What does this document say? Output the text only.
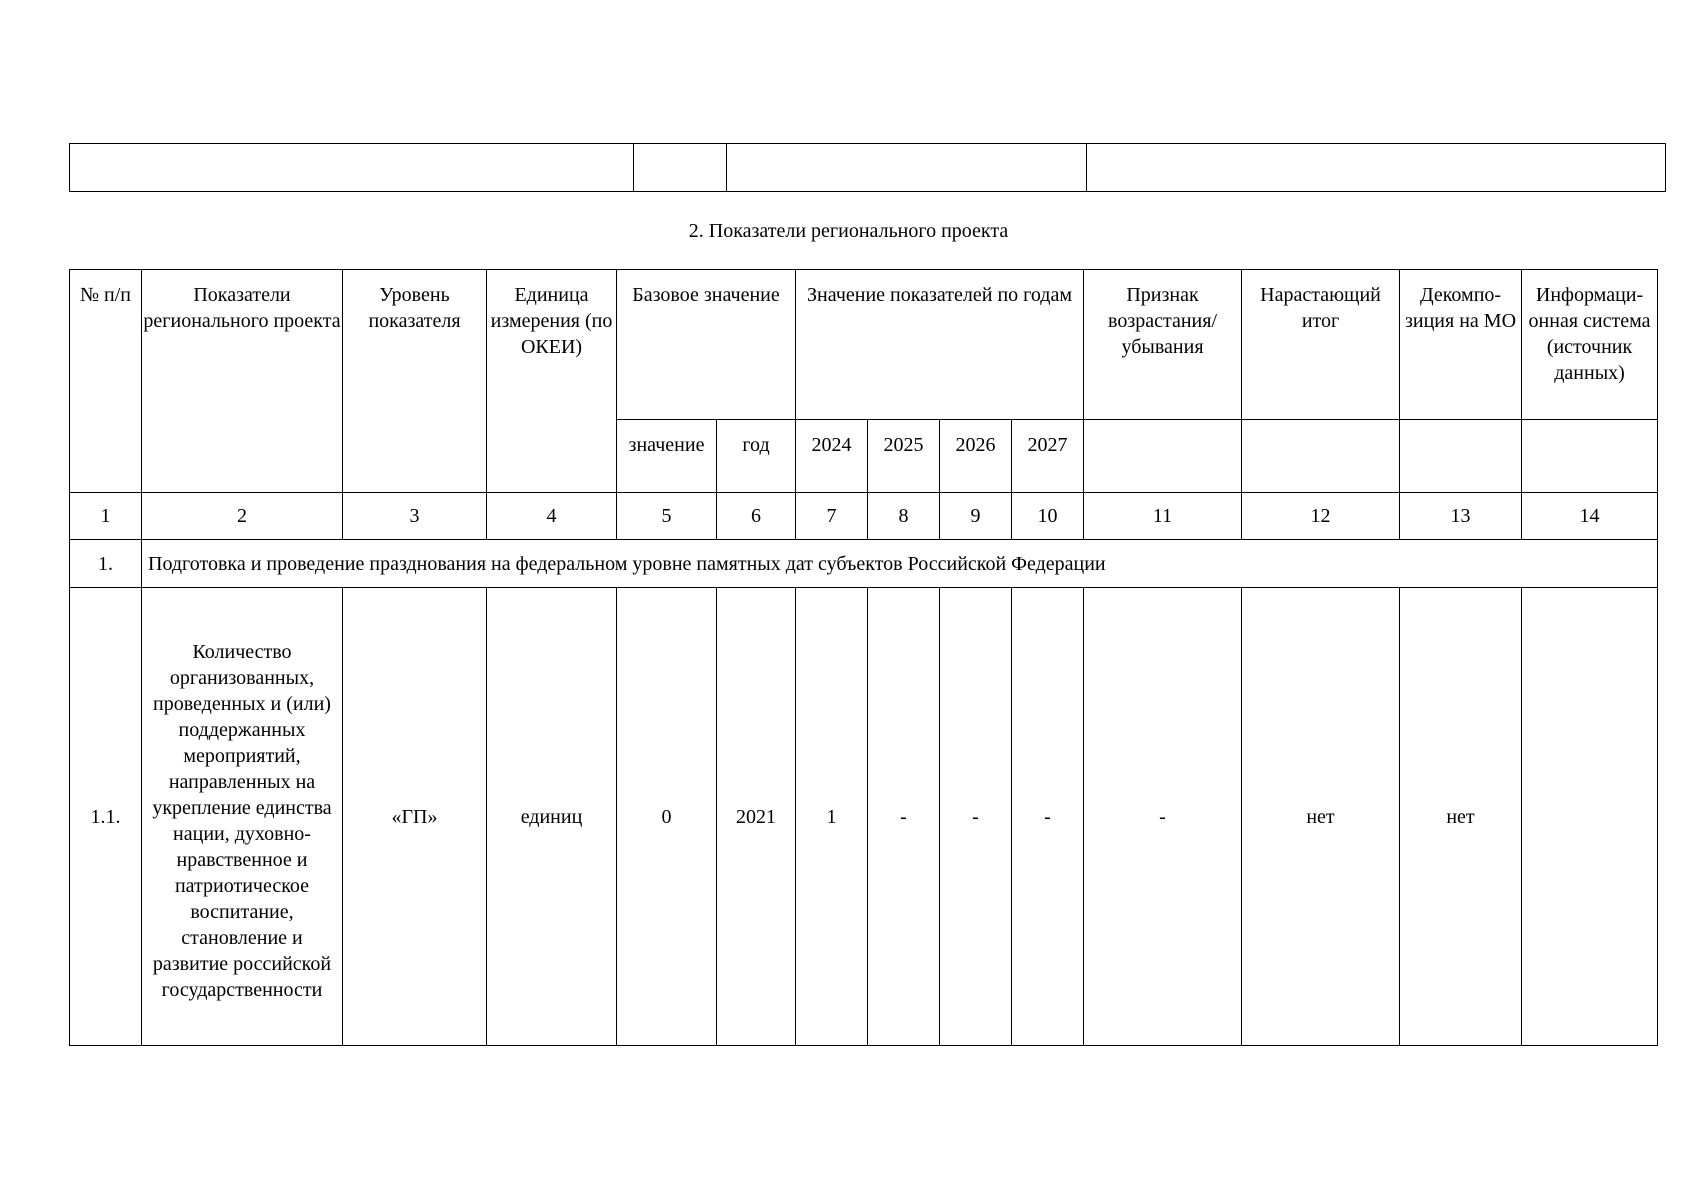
2. Показатели регионального проекта
№ п/п	Показатели регионального проекта	Уровень показателя	Единица измерения (по ОКЕИ)	Базовое значение		Значение показателей по годам				Признак возрастания/ убывания	Нарастающий итог	Декомпо- зиция на МО	Информаци- онная система (источник данных)
				значение	год	2024	2025	2026	2027				
1	2	3	4	5	6	7	8	9	10	11	12	13	14
1.	Подготовка и проведение празднования на федеральном уровне памятных дат субъектов Российской Федерации												
1.1.	Количество организованных, проведенных и (или) поддержанных мероприятий, направленных на укрепление единства нации, духовно-нравственное и патриотическое воспитание, становление и развитие российской государственности	«ГП»	единиц	0	2021	1	-	-	-	-	нет	нет	
